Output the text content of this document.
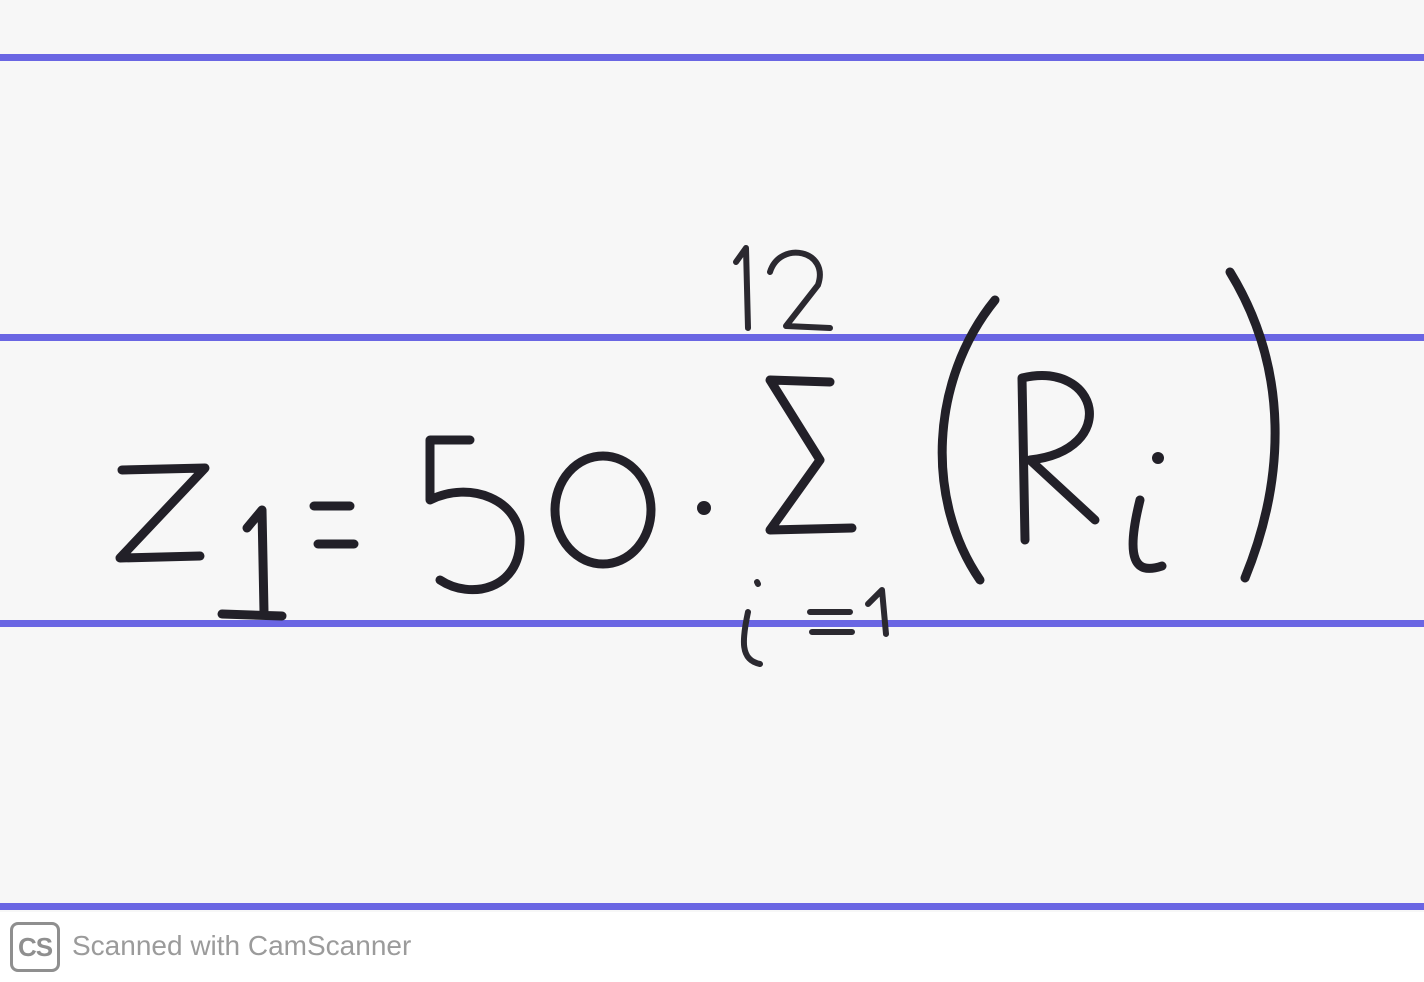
CS Scanned with CamScanner
